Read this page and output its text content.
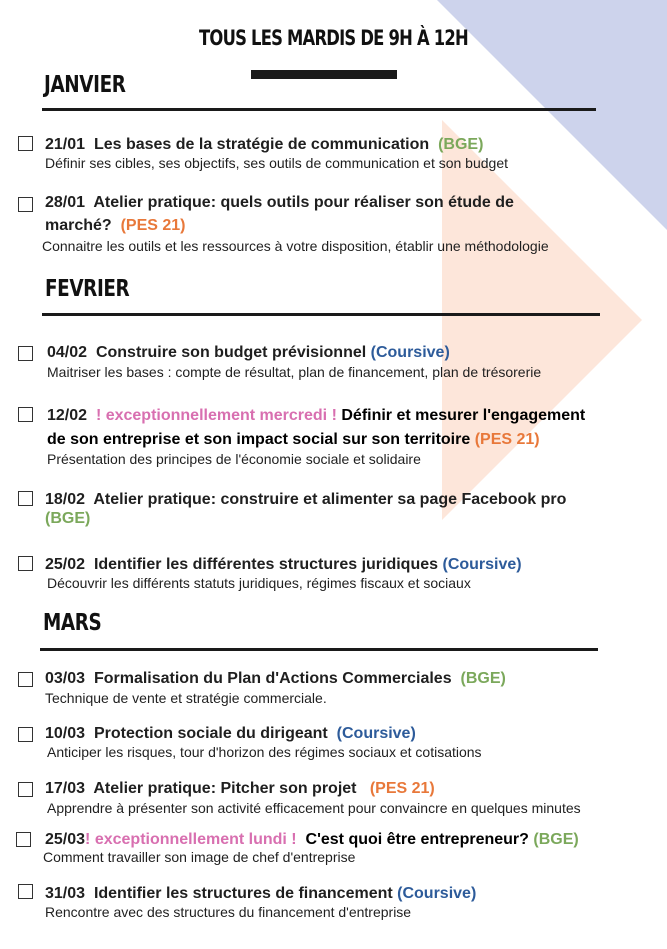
TOUS LES MARDIS DE 9H À 12H
JANVIER
21/01 Les bases de la stratégie de communication (BGE)
Définir ses cibles, ses objectifs, ses outils de communication et son budget
28/01 Atelier pratique: quels outils pour réaliser son étude de
marché? (PES 21)
Connaitre les outils et les ressources à votre disposition, établir une méthodologie
FEVRIER
04/02 Construire son budget prévisionnel (Coursive)
Maitriser les bases : compte de résultat, plan de financement, plan de trésorerie
12/02 ! exceptionnellement mercredi ! Définir et mesurer l'engagement
de son entreprise et son impact social sur son territoire (PES 21)
Présentation des principes de l'économie sociale et solidaire
18/02 Atelier pratique: construire et alimenter sa page Facebook pro
(BGE)
25/02 Identifier les différentes structures juridiques (Coursive)
Découvrir les différents statuts juridiques, régimes fiscaux et sociaux
MARS
03/03 Formalisation du Plan d'Actions Commerciales (BGE)
Technique de vente et stratégie commerciale.
10/03 Protection sociale du dirigeant (Coursive)
Anticiper les risques, tour d'horizon des régimes sociaux et cotisations
17/03 Atelier pratique: Pitcher son projet (PES 21)
Apprendre à présenter son activité efficacement pour convaincre en quelques minutes
25/03! exceptionnellement lundi ! C'est quoi être entrepreneur? (BGE)
Comment travailler son image de chef d'entreprise
31/03 Identifier les structures de financement (Coursive)
Rencontre avec des structures du financement d'entreprise
